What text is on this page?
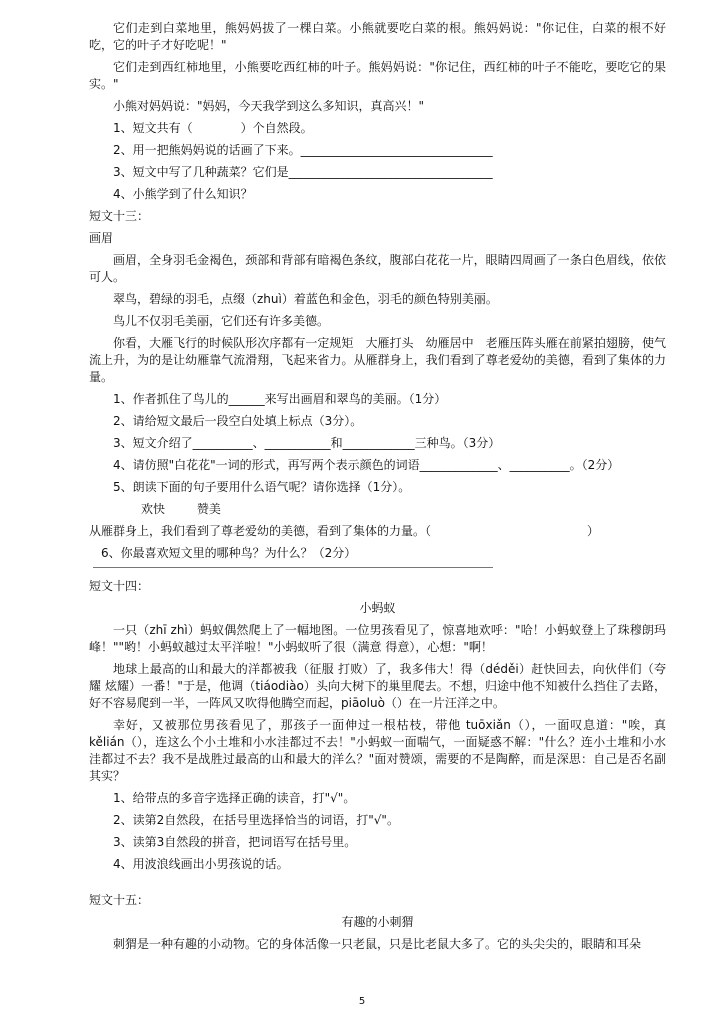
它们走到白菜地里，熊妈妈拔了一棵白菜。小熊就要吃白菜的根。熊妈妈说："你记住，白菜的根不好吃，它的叶子才好吃呢！"

它们走到西红柿地里，小熊要吃西红柿的叶子。熊妈妈说："你记住，西红柿的叶子不能吃，要吃它的果实。"

小熊对妈妈说："妈妈，今天我学到这么多知识，真高兴！"

1、短文共有（　　　　）个自然段。

2、用一把熊妈妈说的话画了下来。________________________________

3、短文中写了几种蔬菜？它们是__________________________________

4、小熊学到了什么知识？

短文十三：

画眉

画眉，全身羽毛金褐色，颈部和背部有暗褐色条纹，腹部白花花一片，眼睛四周画了一条白色眉线，依依可人。

翠鸟，碧绿的羽毛，点缀（zhuì）着蓝色和金色，羽毛的颜色特别美丽。

鸟儿不仅羽毛美丽，它们还有许多美德。

你看，大雁飞行的时候队形次序都有一定规矩　大雁打头　幼雁居中　老雁压阵头雁在前紧拍翅膀，使气流上升，为的是让幼雁靠气流滑翔，飞起来省力。从雁群身上，我们看到了尊老爱幼的美德，看到了集体的力量。

1、作者抓住了鸟儿的______来写出画眉和翠鸟的美丽。（1分）

2、请给短文最后一段空白处填上标点（3分）。

3、短文介绍了__________、___________和____________三种鸟。（3分）

4、请仿照"白花花"一词的形式，再写两个表示颜色的词语_____________、__________。（2分）

5、朗读下面的句子要用什么语气呢？请你选择（1分）。

欢快	赞美

从雁群身上，我们看到了尊老爱幼的美德，看到了集体的力量。（　　　　　　　　　　　　　）

6、你最喜欢短文里的哪种鸟？为什么？（2分）

短文十四：

小蚂蚁

一只（zhī zhì）蚂蚁偶然爬上了一幅地图。一位男孩看见了，惊喜地欢呼："哈！小蚂蚁登上了珠穆朗玛峰！""哟！小蚂蚁越过太平洋啦！"小蚂蚁听了很（满意 得意），心想："啊！

地球上最高的山和最大的洋都被我（征服 打败）了，我多伟大！得（déděi）赶快回去，向伙伴们（夸耀 炫耀）一番！"于是，他调（tiáodiào）头向大树下的巢里爬去。不想，归途中他不知被什么挡住了去路，好不容易爬到一半，一阵风又吹得他腾空而起，piāoluò（）在一片汪洋之中。

幸好，又被那位男孩看见了，那孩子一面伸过一根枯枝，带他 tuōxiǎn（），一面叹息道："唉，真 kělián（），连这么个小土堆和小水洼都过不去！"小蚂蚁一面喘气，一面疑惑不解："什么？连小土堆和小水洼都过不去？我不是战胜过最高的山和最大的洋么？"面对赞颂，需要的不是陶醉，而是深思：自己是否名副其实？

1、给带点的多音字选择正确的读音，打"√"。

2、读第2自然段，在括号里选择恰当的词语，打"√"。

3、读第3自然段的拼音，把词语写在括号里。

4、用波浪线画出小男孩说的话。

短文十五：

有趣的小刺猬

刺猬是一种有趣的小动物。它的身体活像一只老鼠，只是比老鼠大多了。它的头尖尖的，眼睛和耳朵

5
